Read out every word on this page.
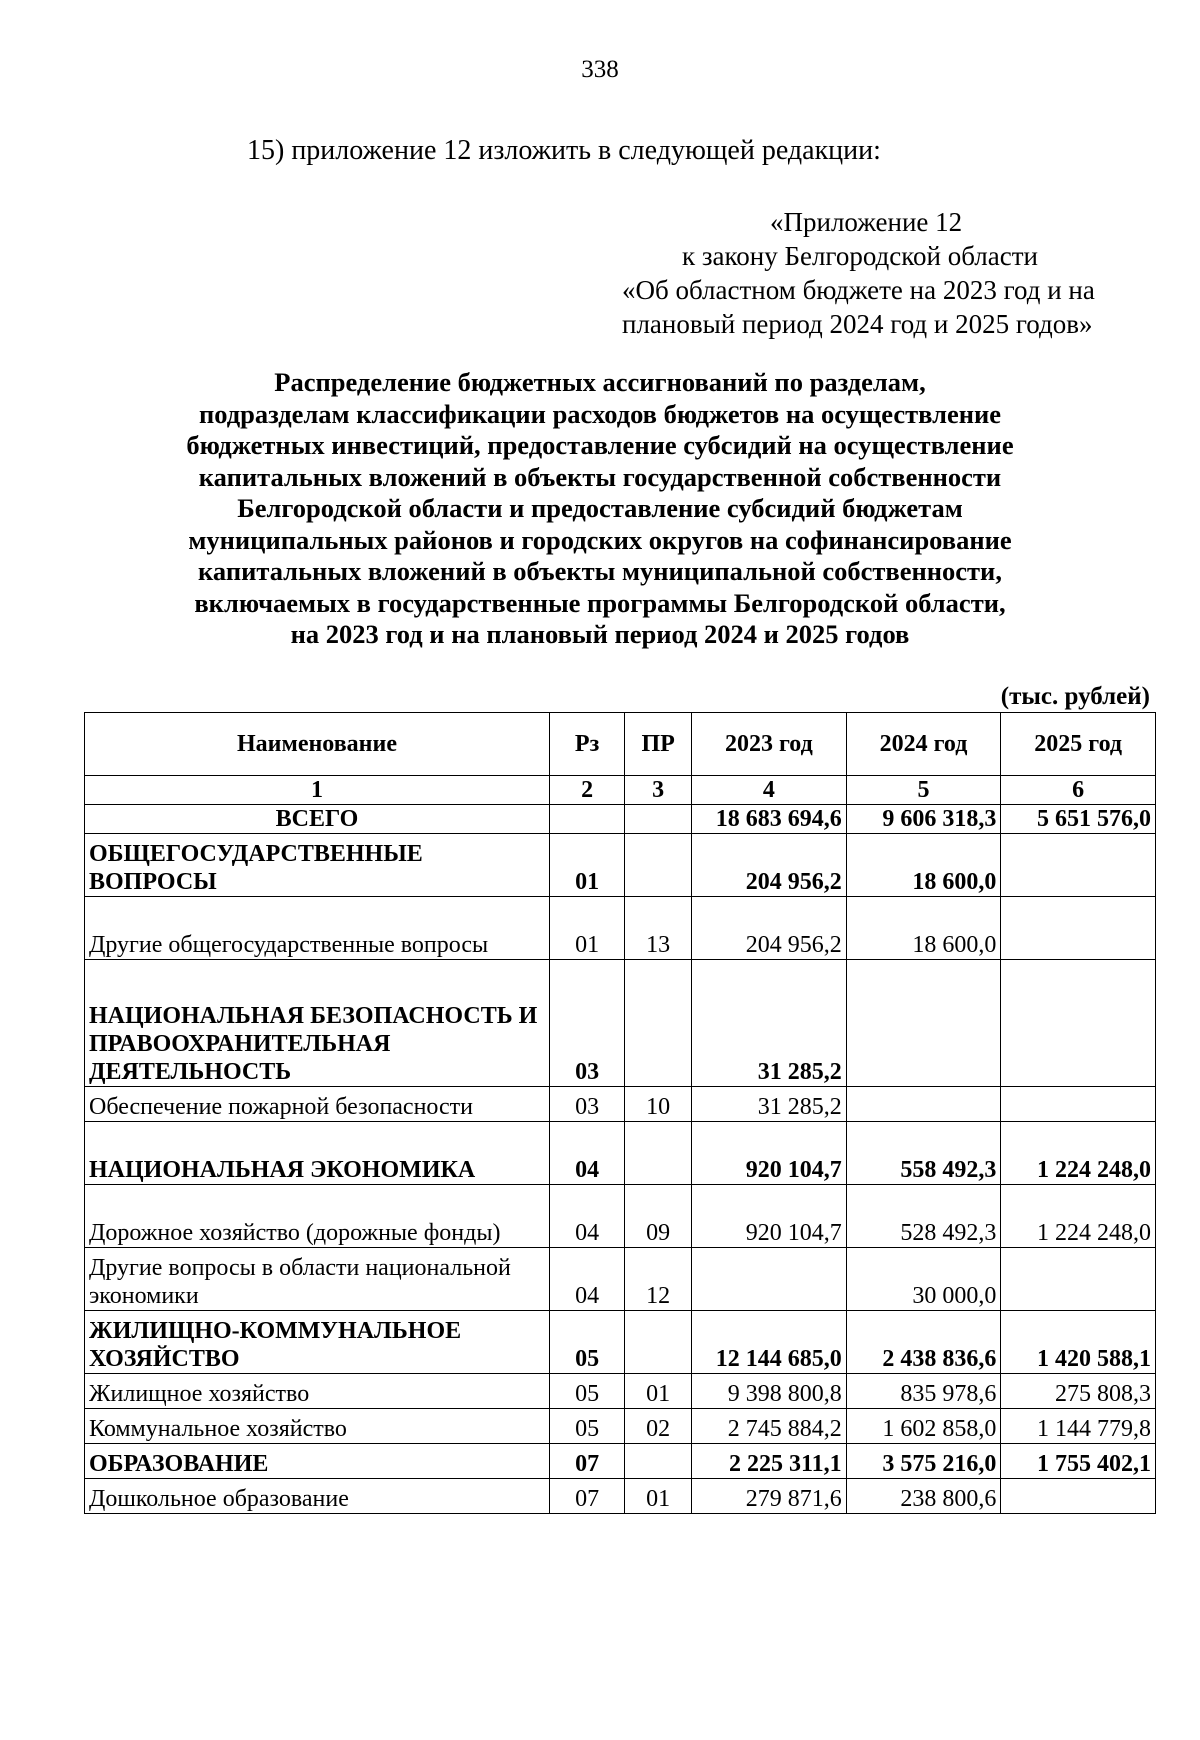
338
15) приложение 12 изложить в следующей редакции:
«Приложение 12
к закону Белгородской области
«Об областном бюджете на 2023 год и на
плановый период 2024 год и 2025 годов»
Распределение бюджетных ассигнований по разделам,
подразделам классификации расходов бюджетов на осуществление
бюджетных инвестиций, предоставление субсидий на осуществление
капитальных вложений в объекты государственной собственности
Белгородской области и предоставление субсидий бюджетам
муниципальных районов и городских округов на софинансирование
капитальных вложений в объекты муниципальной собственности,
включаемых в государственные программы Белгородской области,
на 2023 год и на плановый период 2024 и 2025 годов
(тыс. рублей)
Наименование	Рз	ПР	2023 год	2024 год	2025 год
1	2	3	4	5	6
ВСЕГО			18 683 694,6	9 606 318,3	5 651 576,0
ОБЩЕГОСУДАРСТВЕННЫЕ ВОПРОСЫ	01		204 956,2	18 600,0	
Другие общегосударственные вопросы	01	13	204 956,2	18 600,0	
НАЦИОНАЛЬНАЯ БЕЗОПАСНОСТЬ И ПРАВООХРАНИТЕЛЬНАЯ ДЕЯТЕЛЬНОСТЬ	03		31 285,2		
Обеспечение пожарной безопасности	03	10	31 285,2		
НАЦИОНАЛЬНАЯ ЭКОНОМИКА	04		920 104,7	558 492,3	1 224 248,0
Дорожное хозяйство (дорожные фонды)	04	09	920 104,7	528 492,3	1 224 248,0
Другие вопросы в области национальной экономики	04	12		30 000,0	
ЖИЛИЩНО-КОММУНАЛЬНОЕ ХОЗЯЙСТВО	05		12 144 685,0	2 438 836,6	1 420 588,1
Жилищное хозяйство	05	01	9 398 800,8	835 978,6	275 808,3
Коммунальное хозяйство	05	02	2 745 884,2	1 602 858,0	1 144 779,8
ОБРАЗОВАНИЕ	07		2 225 311,1	3 575 216,0	1 755 402,1
Дошкольное образование	07	01	279 871,6	238 800,6	
